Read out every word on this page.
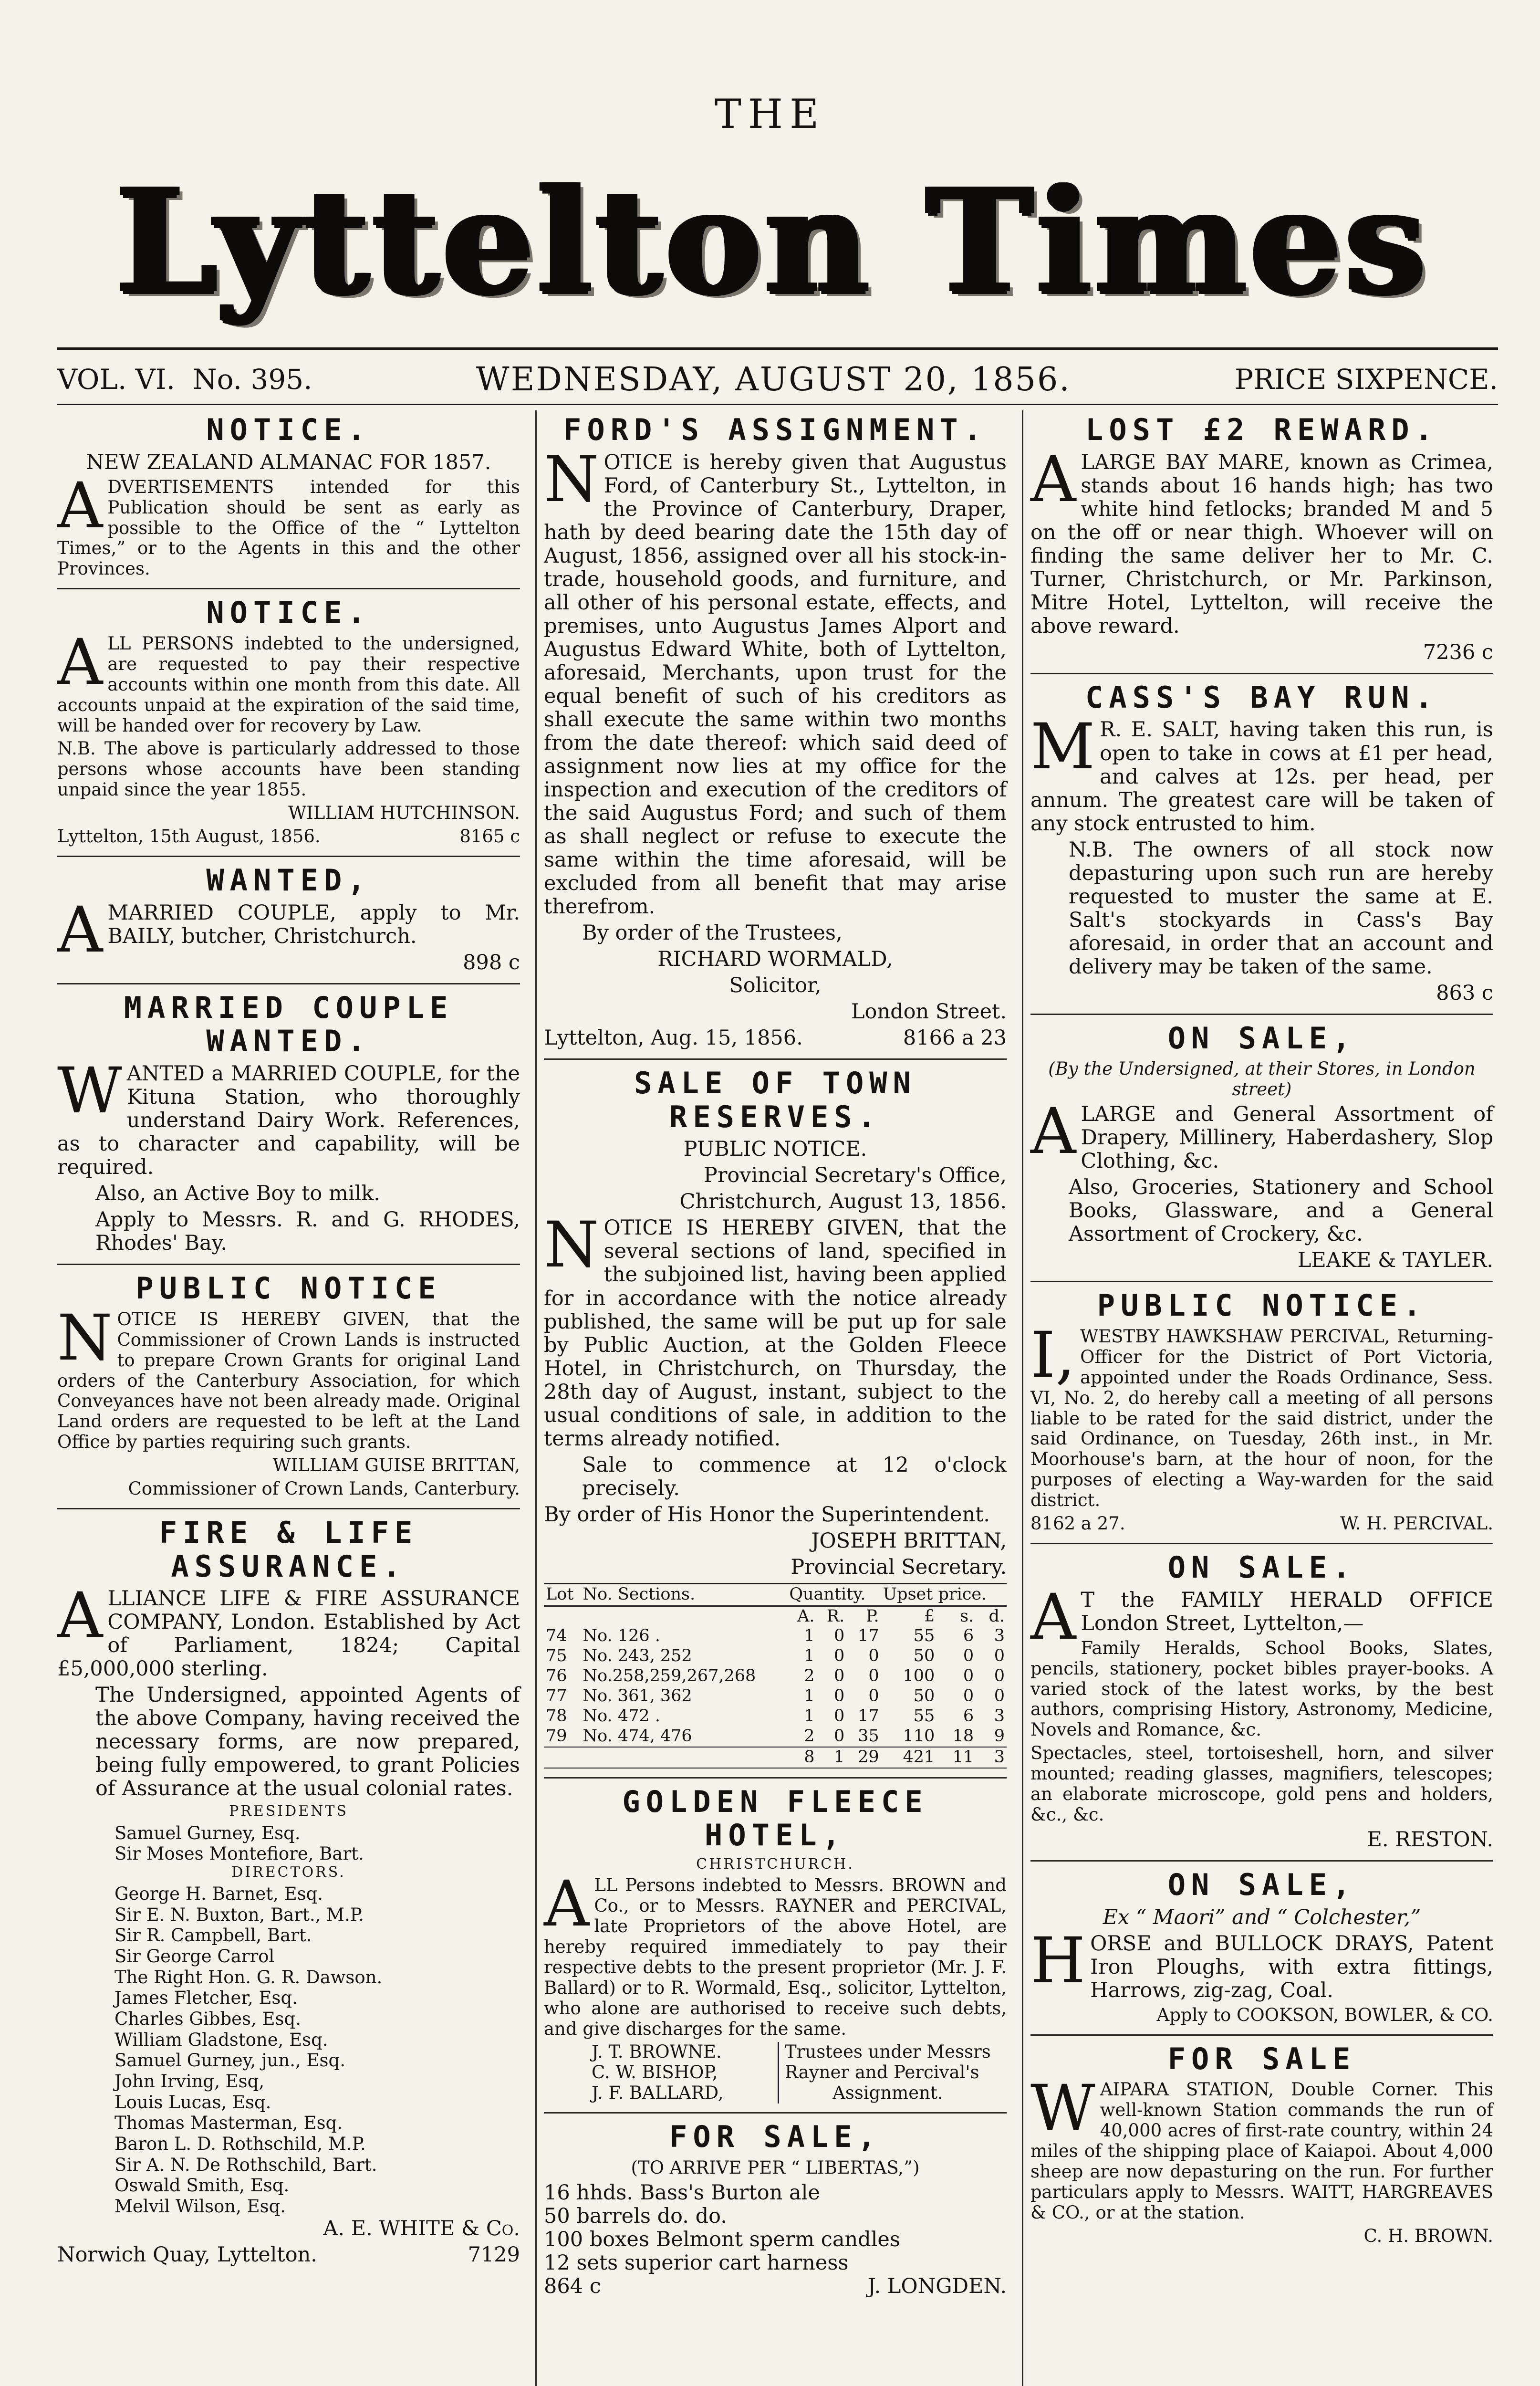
THE
Lyttelton Times
VOL. VI. No. 395.	WEDNESDAY, AUGUST 20, 1856.	PRICE SIXPENCE.
NOTICE.

NEW ZEALAND ALMANAC FOR 1857.

ADVERTISEMENTS intended for this Publication should be sent as early as possible to the Office of the “ Lyttelton Times,” or to the Agents in this and the other Provinces.

NOTICE.

ALL PERSONS indebted to the undersigned, are requested to pay their respective accounts within one month from this date. All accounts unpaid at the expiration of the said time, will be handed over for recovery by Law.

N.B. The above is particularly addressed to those persons whose accounts have been standing unpaid since the year 1855.

WILLIAM HUTCHINSON.

Lyttelton, 15th August, 1856.	8165 c

WANTED,

AMARRIED COUPLE, apply to Mr. BAILY, butcher, Christchurch.

898 c

MARRIED COUPLE WANTED.

WANTED a MARRIED COUPLE, for the Kituna Station, who thoroughly understand Dairy Work. References, as to character and capability, will be required.

Also, an Active Boy to milk.

Apply to Messrs. R. and G. RHODES, Rhodes' Bay.

PUBLIC NOTICE

NOTICE IS HEREBY GIVEN, that the Commissioner of Crown Lands is instructed to prepare Crown Grants for original Land orders of the Canterbury Association, for which Conveyances have not been already made. Original Land orders are requested to be left at the Land Office by parties requiring such grants.

WILLIAM GUISE BRITTAN,

Commissioner of Crown Lands, Canterbury.

FIRE & LIFE ASSURANCE.

ALLIANCE LIFE & FIRE ASSURANCE COMPANY, London. Established by Act of Parliament, 1824; Capital £5,000,000 sterling.

The Undersigned, appointed Agents of the above Company, having received the necessary forms, are now prepared, being fully empowered, to grant Policies of Assurance at the usual colonial rates.

PRESIDENTS

Samuel Gurney, Esq.
Sir Moses Montefiore, Bart.

DIRECTORS.

George H. Barnet, Esq.
Sir E. N. Buxton, Bart., M.P.
Sir R. Campbell, Bart.
Sir George Carrol
The Right Hon. G. R. Dawson.
James Fletcher, Esq.
Charles Gibbes, Esq.
William Gladstone, Esq.
Samuel Gurney, jun., Esq.
John Irving, Esq,
Louis Lucas, Esq.
Thomas Masterman, Esq.
Baron L. D. Rothschild, M.P.
Sir A. N. De Rothschild, Bart.
Oswald Smith, Esq.
Melvil Wilson, Esq.

A. E. WHITE & Co.

Norwich Quay, Lyttelton.	7129

FORD'S ASSIGNMENT.

NOTICE is hereby given that Augustus Ford, of Canterbury St., Lyttelton, in the Province of Canterbury, Draper, hath by deed bearing date the 15th day of August, 1856, assigned over all his stock-in-trade, household goods, and furniture, and all other of his personal estate, effects, and premises, unto Augustus James Alport and Augustus Edward White, both of Lyttelton, aforesaid, Merchants, upon trust for the equal benefit of such of his creditors as shall execute the same within two months from the date thereof: which said deed of assignment now lies at my office for the inspection and execution of the creditors of the said Augustus Ford; and such of them as shall neglect or refuse to execute the same within the time aforesaid, will be excluded from all benefit that may arise therefrom.

By order of the Trustees,

RICHARD WORMALD,

Solicitor,

London Street.

Lyttelton, Aug. 15, 1856.	8166 a 23

SALE OF TOWN RESERVES.

PUBLIC NOTICE.

Provincial Secretary's Office,

Christchurch, August 13, 1856.

NOTICE IS HEREBY GIVEN, that the several sections of land, specified in the subjoined list, having been applied for in accordance with the notice already published, the same will be put up for sale by Public Auction, at the Golden Fleece Hotel, in Christchurch, on Thursday, the 28th day of August, instant, subject to the usual conditions of sale, in addition to the terms already notified.

Sale to commence at 12 o'clock precisely.

By order of His Honor the Superintendent.

JOSEPH BRITTAN,

Provincial Secretary.

Lot	No. Sections.	Quantity.			Upset price.		
		A.	R.	P.	£	s.	d.
74	No. 126 .	1	0	17	55	6	3
75	No. 243, 252	1	0	0	50	0	0
76	No.258,259,267,268	2	0	0	100	0	0
77	No. 361, 362	1	0	0	50	0	0
78	No. 472 .	1	0	17	55	6	3
79	No. 474, 476	2	0	35	110	18	9
		8	1	29	421	11	3
GOLDEN FLEECE HOTEL,

CHRISTCHURCH.

ALL Persons indebted to Messrs. BROWN and Co., or to Messrs. RAYNER and PERCIVAL, late Proprietors of the above Hotel, are hereby required immediately to pay their respective debts to the present proprietor (Mr. J. F. Ballard) or to R. Wormald, Esq., solicitor, Lyttelton, who alone are authorised to receive such debts, and give discharges for the same.

J. T. BROWNE.
C. W. BISHOP,
J. F. BALLARD,
Trustees under Messrs
Rayner and Percival's
Assignment.
FOR SALE,

(TO ARRIVE PER “ LIBERTAS,”)

16 hhds. Bass's Burton ale

50 barrels do. do.

100 boxes Belmont sperm candles

12 sets superior cart harness

864 c	J. LONGDEN.

LOST £2 REWARD.

ALARGE BAY MARE, known as Crimea, stands about 16 hands high; has two white hind fetlocks; branded M and 5 on the off or near thigh. Whoever will on finding the same deliver her to Mr. C. Turner, Christchurch, or Mr. Parkinson, Mitre Hotel, Lyttelton, will receive the above reward.

7236 c

CASS'S BAY RUN.

M R. E. SALT, having taken this run, is open to take in cows at £1 per head, and calves at 12s. per head, per annum. The greatest care will be taken of any stock entrusted to him.

N.B. The owners of all stock now depasturing upon such run are hereby requested to muster the same at E. Salt's stockyards in Cass's Bay aforesaid, in order that an account and delivery may be taken of the same.

863 c

ON SALE,

(By the Undersigned, at their Stores, in London street)

ALARGE and General Assortment of Drapery, Millinery, Haberdashery, Slop Clothing, &c.

Also, Groceries, Stationery and School Books, Glassware, and a General Assortment of Crockery, &c.

LEAKE & TAYLER.

PUBLIC NOTICE.

I, WESTBY HAWKSHAW PERCIVAL, Returning-Officer for the District of Port Victoria, appointed under the Roads Ordinance, Sess. VI, No. 2, do hereby call a meeting of all persons liable to be rated for the said district, under the said Ordinance, on Tuesday, 26th inst., in Mr. Moorhouse's barn, at the hour of noon, for the purposes of electing a Way-warden for the said district.

8162 a 27.	W. H. PERCIVAL.

ON SALE.

A T the FAMILY HERALD OFFICE London Street, Lyttelton,—

Family Heralds, School Books, Slates, pencils, stationery, pocket bibles prayer-books. A varied stock of the latest works, by the best authors, comprising History, Astronomy, Medicine, Novels and Romance, &c.

Spectacles, steel, tortoiseshell, horn, and silver mounted; reading glasses, magnifiers, telescopes; an elaborate microscope, gold pens and holders, &c., &c.

E. RESTON.

ON SALE,

Ex “ Maori” and “ Colchester,”

HORSE and BULLOCK DRAYS, Patent Iron Ploughs, with extra fittings, Harrows, zig-zag, Coal.

Apply to COOKSON, BOWLER, & CO.

FOR SALE

WAIPARA STATION, Double Corner. This well-known Station commands the run of 40,000 acres of first-rate country, within 24 miles of the shipping place of Kaiapoi. About 4,000 sheep are now depasturing on the run. For further particulars apply to Messrs. WAITT, HARGREAVES & CO., or at the station.

C. H. BROWN.
